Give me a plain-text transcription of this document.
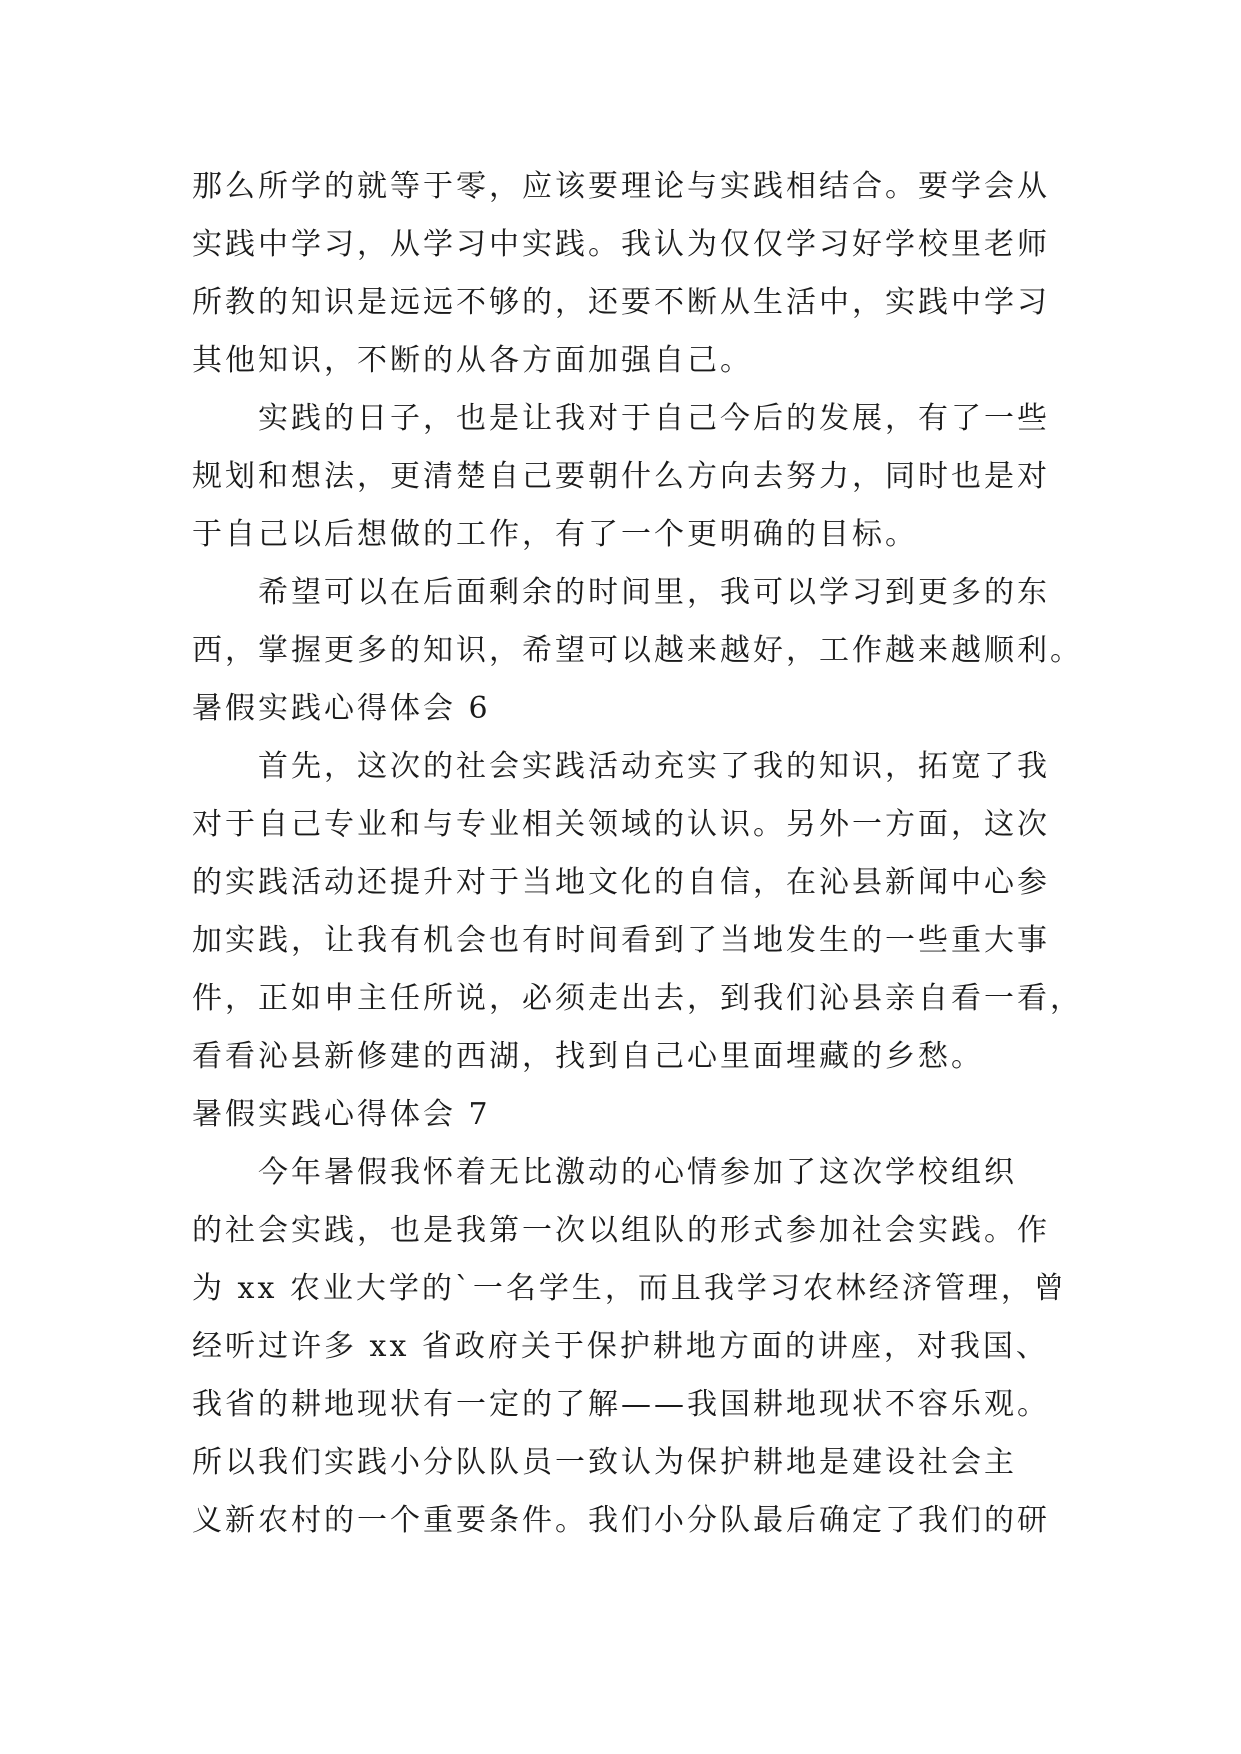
那么所学的就等于零，应该要理论与实践相结合。要学会从
实践中学习，从学习中实践。我认为仅仅学习好学校里老师
所教的知识是远远不够的，还要不断从生活中，实践中学习
其他知识，不断的从各方面加强自己。
实践的日子，也是让我对于自己今后的发展，有了一些
规划和想法，更清楚自己要朝什么方向去努力，同时也是对
于自己以后想做的工作，有了一个更明确的目标。
希望可以在后面剩余的时间里，我可以学习到更多的东
西，掌握更多的知识，希望可以越来越好，工作越来越顺利。
暑假实践心得体会 6
首先，这次的社会实践活动充实了我的知识，拓宽了我
对于自己专业和与专业相关领域的认识。另外一方面，这次
的实践活动还提升对于当地文化的自信，在沁县新闻中心参
加实践，让我有机会也有时间看到了当地发生的一些重大事
件，正如申主任所说，必须走出去，到我们沁县亲自看一看，
看看沁县新修建的西湖，找到自己心里面埋藏的乡愁。
暑假实践心得体会 7
今年暑假我怀着无比激动的心情参加了这次学校组织
的社会实践，也是我第一次以组队的形式参加社会实践。作
为 xx 农业大学的`一名学生，而且我学习农林经济管理，曾
经听过许多 xx 省政府关于保护耕地方面的讲座，对我国、
我省的耕地现状有一定的了解——我国耕地现状不容乐观。
所以我们实践小分队队员一致认为保护耕地是建设社会主
义新农村的一个重要条件。我们小分队最后确定了我们的研
